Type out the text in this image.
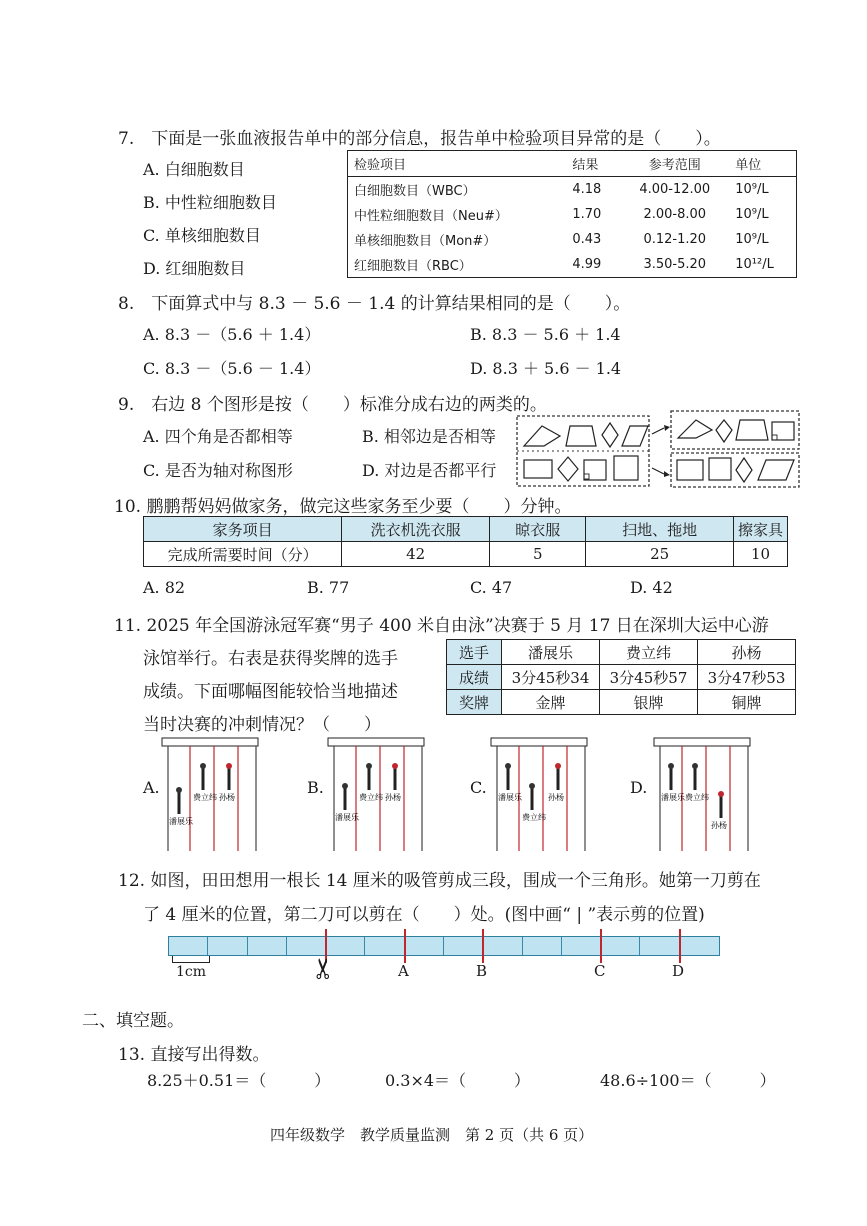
7.　下面是一张血液报告单中的部分信息，报告单中检验项目异常的是（　　）。
A. 白细胞数目
B. 中性粒细胞数目
C. 单核细胞数目
D. 红细胞数目
检验项目	结果	参考范围	单位
白细胞数目（WBC）	4.18	4.00-12.00	10⁹/L
中性粒细胞数目（Neu#）	1.70	2.00-8.00	10⁹/L
单核细胞数目（Mon#）	0.43	0.12-1.20	10⁹/L
红细胞数目（RBC）	4.99	3.50-5.20	10¹²/L
8.　下面算式中与 8.3 － 5.6 － 1.4 的计算结果相同的是（　　）。
A. 8.3 －（5.6 ＋ 1.4）	B. 8.3 － 5.6 ＋ 1.4
C. 8.3 －（5.6 － 1.4）	D. 8.3 ＋ 5.6 － 1.4
9.　右边 8 个图形是按（　　）标准分成右边的两类的。
A. 四个角是否都相等	B. 相邻边是否相等
C. 是否为轴对称图形	D. 对边是否都平行
10. 鹏鹏帮妈妈做家务，做完这些家务至少要（　　）分钟。
家务项目	洗衣机洗衣服	晾衣服	扫地、拖地	擦家具
完成所需要时间（分）	42	5	25	10
A. 82	B. 77	C. 47	D. 42
11. 2025 年全国游泳冠军赛“男子 400 米自由泳”决赛于 5 月 17 日在深圳大运中心游
泳馆举行。右表是获得奖牌的选手
成绩。下面哪幅图能较恰当地描述
当时决赛的冲刺情况？（　　）
选手	潘展乐	费立纬	孙杨
成绩	3分45秒34	3分45秒57	3分47秒53
奖牌	金牌	银牌	铜牌
A.	B.	C.	D.
潘展乐
费立纬 孙杨
潘展乐
费立纬 孙杨	潘展乐
费立纬
孙杨	潘展乐 费立纬
孙杨
12. 如图，田田想用一根长 14 厘米的吸管剪成三段，围成一个三角形。她第一刀剪在
了 4 厘米的位置，第二刀可以剪在（　　）处。(图中画“ | ”表示剪的位置)
1cm	✂	A	B	C	D
二、填空题。
13. 直接写出得数。
8.25＋0.51＝（　　　）	0.3×4＝（　　　）	48.6÷100＝（　　　）
四年级数学　教学质量监测　第 2 页（共 6 页）
